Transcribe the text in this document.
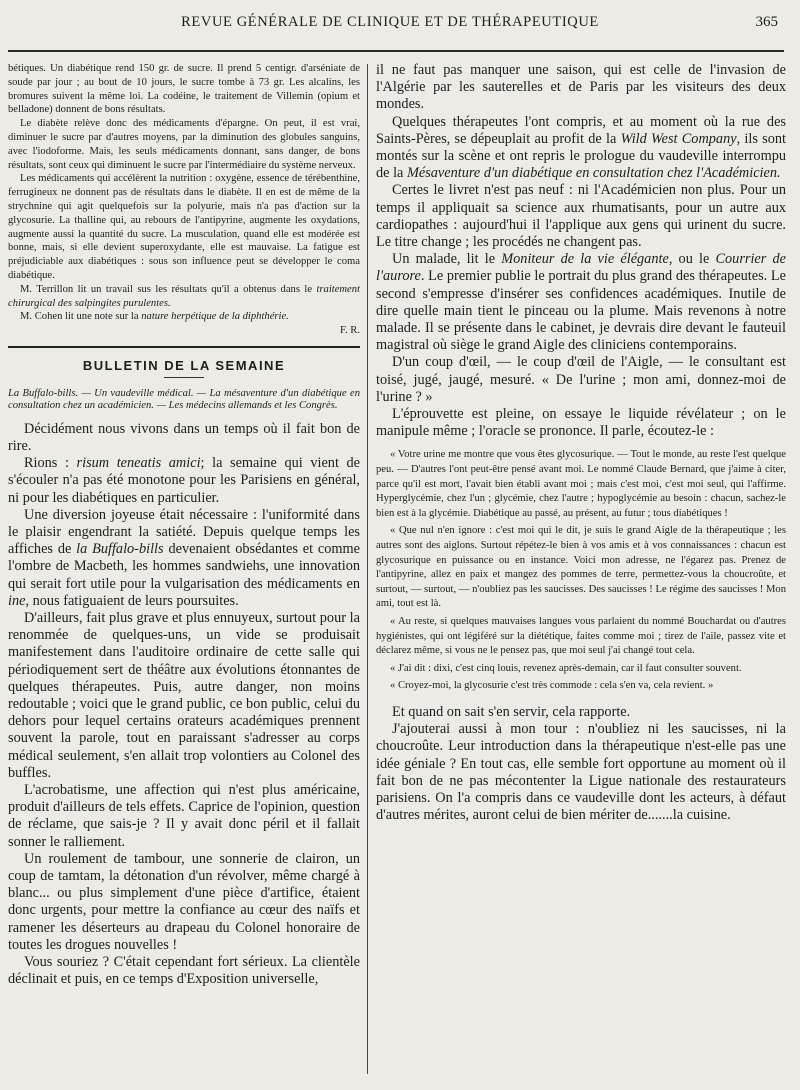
REVUE GÉNÉRALE DE CLINIQUE ET DE THÉRAPEUTIQUE	365

bétiques. Un diabétique rend 150 gr. de sucre. Il prend 5 centigr. d'arséniate de soude par jour ; au bout de 10 jours, le sucre tombe à 73 gr. Les alcalins, les bromures suivent la même loi. La codéine, le traitement de Villemin (opium et belladone) donnent de bons résultats.

Le diabète relève donc des médicaments d'épargne. On peut, il est vrai, diminuer le sucre par d'autres moyens, par la diminution des globules sanguins, avec l'iodoforme. Mais, les seuls médicaments donnant, sans danger, de bons résultats, sont ceux qui diminuent le sucre par l'intermédiaire du système nerveux.

Les médicaments qui accélèrent la nutrition : oxygène, essence de térébenthine, ferrugineux ne donnent pas de résultats dans le diabète. Il en est de même de la strychnine qui agit quelquefois sur la polyurie, mais n'a pas d'action sur la glycosurie. La thalline qui, au rebours de l'antipyrine, augmente les oxydations, augmente aussi la quantité du sucre. La musculation, quand elle est modérée est bonne, mais, si elle devient superoxydante, elle est mauvaise. La fatigue est préjudiciable aux diabétiques : sous son influence peut se développer le coma diabétique.

M. Terrillon lit un travail sus les résultats qu'il a obtenus dans le traitement chirurgical des salpingites purulentes.

M. Cohen lit une note sur la nature herpétique de la diphthérie.

F. R.
BULLETIN DE LA SEMAINE
La Buffalo-bills. — Un vaudeville médical. — La mésaventure d'un diabétique en consultation chez un académicien. — Les médecins allemands et les Congrès.

Décidément nous vivons dans un temps où il fait bon de rire.

Rions : risum teneatis amici; la semaine qui vient de s'écouler n'a pas été monotone pour les Parisiens en général, ni pour les diabétiques en particulier.

Une diversion joyeuse était nécessaire : l'uniformité dans le plaisir engendrant la satiété. Depuis quelque temps les affiches de la Buffalo-bills devenaient obsédantes et comme l'ombre de Macbeth, les hommes sandwiehs, une innovation qui serait fort utile pour la vulgarisation des médicaments en ine, nous fatiguaient de leurs poursuites.

D'ailleurs, fait plus grave et plus ennuyeux, surtout pour la renommée de quelques-uns, un vide se produisait manifestement dans l'auditoire ordinaire de cette salle qui périodiquement sert de théâtre aux évolutions étonnantes de quelques thérapeutes. Puis, autre danger, non moins redoutable ; voici que le grand public, ce bon public, celui du dehors pour lequel certains orateurs académiques prennent souvent la parole, tout en paraissant s'adresser au corps médical seulement, s'en allait trop volontiers au Colonel des buffles.

L'acrobatisme, une affection qui n'est plus américaine, produit d'ailleurs de tels effets. Caprice de l'opinion, question de réclame, que sais-je ? Il y avait donc péril et il fallait sonner le ralliement.

Un roulement de tambour, une sonnerie de clairon, un coup de tamtam, la détonation d'un révolver, même chargé à blanc... ou plus simplement d'une pièce d'artifice, étaient donc urgents, pour mettre la confiance au cœur des naïfs et ramener les déserteurs au drapeau du Colonel honoraire de toutes les drogues nouvelles !

Vous souriez ? C'était cependant fort sérieux. La clientèle déclinait et puis, en ce temps d'Exposition universelle,

il ne faut pas manquer une saison, qui est celle de l'invasion de l'Algérie par les sauterelles et de Paris par les visiteurs des deux mondes.

Quelques thérapeutes l'ont compris, et au moment où la rue des Saints-Pères, se dépeuplait au profit de la Wild West Company, ils sont montés sur la scène et ont repris le prologue du vaudeville interrompu de la Mésaventure d'un diabétique en consultation chez l'Académicien.

Certes le livret n'est pas neuf : ni l'Académicien non plus. Pour un temps il appliquait sa science aux rhumatisants, pour un autre aux cardiopathes : aujourd'hui il l'applique aux gens qui urinent du sucre. Le titre change ; les procédés ne changent pas.

Un malade, lit le Moniteur de la vie élégante, ou le Courrier de l'aurore. Le premier publie le portrait du plus grand des thérapeutes. Le second s'empresse d'insérer ses confidences académiques. Inutile de dire quelle main tient le pinceau ou la plume. Mais revenons à notre malade. Il se présente dans le cabinet, je devrais dire devant le fauteuil magistral où siège le grand Aigle des cliniciens contemporains.

D'un coup d'œil, — le coup d'œil de l'Aigle, — le consultant est toisé, jugé, jaugé, mesuré. « De l'urine ; mon ami, donnez-moi de l'urine ? »

L'éprouvette est pleine, on essaye le liquide révélateur ; on le manipule même ; l'oracle se prononce. Il parle, écoutez-le :

« Votre urine me montre que vous êtes glycosurique. — Tout le monde, au reste l'est quelque peu. — D'autres l'ont peut-être pensé avant moi. Le nommé Claude Bernard, que j'aime à citer, parce qu'il est mort, l'avait bien établi avant moi ; mais c'est moi, c'est moi seul, qui l'affirme. Hyperglycémie, chez l'un ; glycémie, chez l'autre ; hypoglycémie au besoin : chacun, sachez-le bien est à la glycémie. Diabétique au passé, au présent, au futur ; tous diabétiques !

« Que nul n'en ignore : c'est moi qui le dit, je suis le grand Aigle de la thérapeutique ; les autres sont des aiglons. Surtout répétez-le bien à vos amis et à vos connaissances : chacun est glycosurique en puissance ou en instance. Voici mon adresse, ne l'égarez pas. Prenez de l'antipyrine, allez en paix et mangez des pommes de terre, permettez-vous la choucroûte, et surtout, — surtout, — n'oubliez pas les saucisses. Des saucisses ! Le régime des saucisses ! Mon ami, tout est là.

« Au reste, si quelques mauvaises langues vous parlaient du nommé Bouchardat ou d'autres hygiénistes, qui ont légiféré sur la diététique, faites comme moi ; tirez de l'aile, passez vite et déclarez même, si vous ne le pensez pas, que moi seul j'ai changé tout cela.

« J'ai dit : dixi, c'est cinq louis, revenez après-demain, car il faut consulter souvent.

« Croyez-moi, la glycosurie c'est très commode : cela s'en va, cela revient. »

Et quand on sait s'en servir, cela rapporte.

J'ajouterai aussi à mon tour : n'oubliez ni les saucisses, ni la choucroûte. Leur introduction dans la thérapeutique n'est-elle pas une idée géniale ? En tout cas, elle semble fort opportune au moment où il fait bon de ne pas mécontenter la Ligue nationale des restaurateurs parisiens. On l'a compris dans ce vaudeville dont les acteurs, à défaut d'autres mérites, auront celui de bien mériter de.......la cuisine.
